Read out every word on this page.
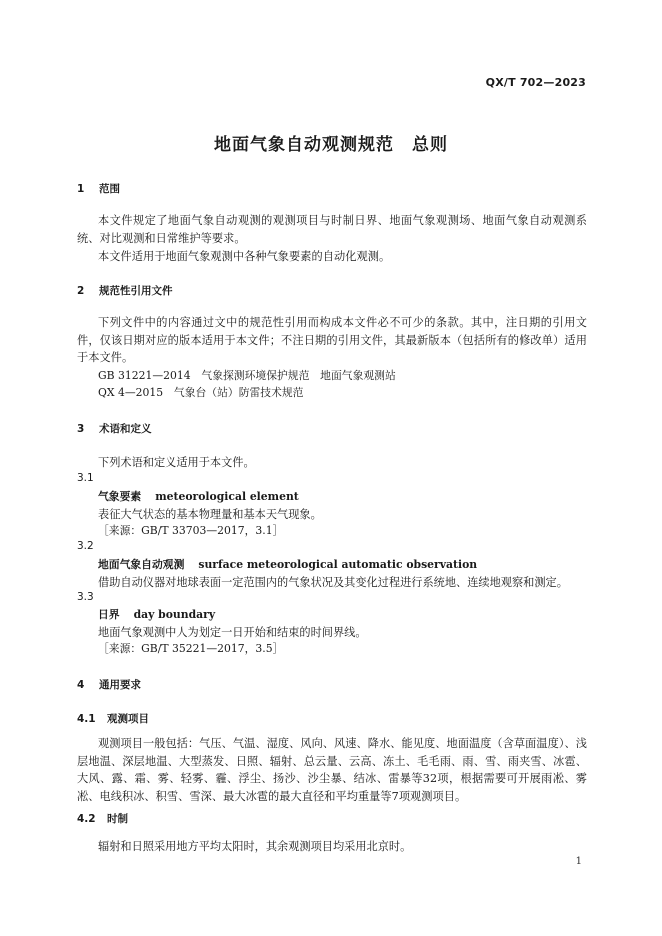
QX/T 702—2023
地面气象自动观测规范　总则
1 范围
本文件规定了地面气象自动观测的观测项目与时制日界、地面气象观测场、地面气象自动观测系统、对比观测和日常维护等要求。
本文件适用于地面气象观测中各种气象要素的自动化观测。
2 规范性引用文件
下列文件中的内容通过文中的规范性引用而构成本文件必不可少的条款。其中，注日期的引用文件，仅该日期对应的版本适用于本文件；不注日期的引用文件，其最新版本（包括所有的修改单）适用于本文件。
GB 31221—2014　气象探测环境保护规范　地面气象观测站
QX 4—2015　气象台（站）防雷技术规范
3 术语和定义
下列术语和定义适用于本文件。
3.1
气象要素 meteorological element
表征大气状态的基本物理量和基本天气现象。
［来源：GB/T 33703—2017，3.1］
3.2
地面气象自动观测 surface meteorological automatic observation
借助自动仪器对地球表面一定范围内的气象状况及其变化过程进行系统地、连续地观察和测定。
3.3
日界 day boundary
地面气象观测中人为划定一日开始和结束的时间界线。
［来源：GB/T 35221—2017，3.5］
4 通用要求
4.1 观测项目
观测项目一般包括：气压、气温、湿度、风向、风速、降水、能见度、地面温度（含草面温度）、浅层地温、深层地温、大型蒸发、日照、辐射、总云量、云高、冻土、毛毛雨、雨、雪、雨夹雪、冰雹、大风、露、霜、雾、轻雾、霾、浮尘、扬沙、沙尘暴、结冰、雷暴等32项，根据需要可开展雨凇、雾凇、电线积冰、积雪、雪深、最大冰雹的最大直径和平均重量等7项观测项目。
4.2 时制
辐射和日照采用地方平均太阳时，其余观测项目均采用北京时。
1
